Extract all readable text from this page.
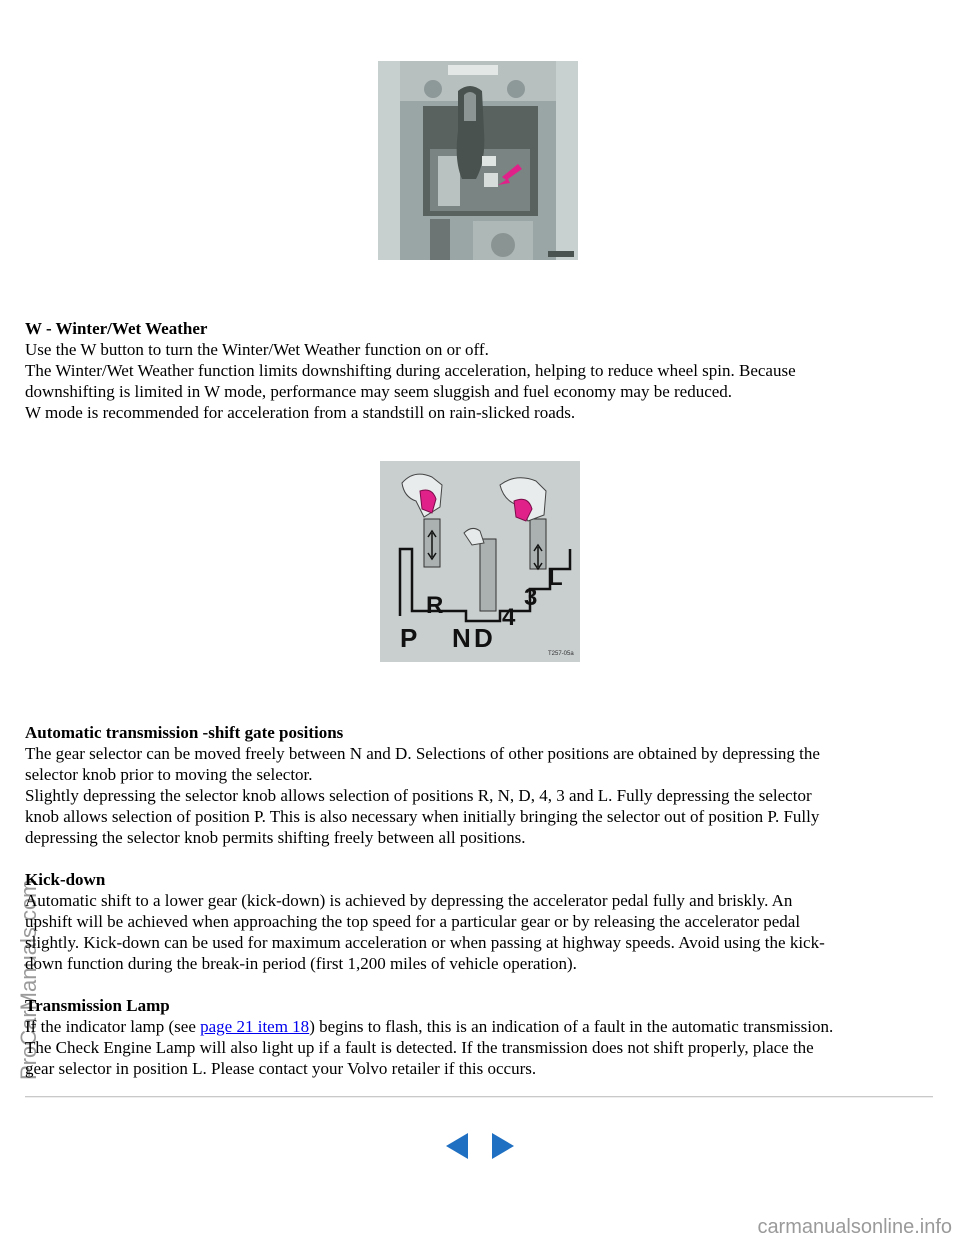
ProCarManuals.com

W - Winter/Wet Weather

Use the W button to turn the Winter/Wet Weather function on or off.

The Winter/Wet Weather function limits downshifting during acceleration, helping to reduce wheel spin. Because

downshifting is limited in W mode, performance may seem sluggish and fuel economy may be reduced.

W mode is recommended for acceleration from a standstill on rain-slicked roads.

P
R
N D
4
3
L
T257-05a

Automatic transmission -shift gate positions

The gear selector can be moved freely between N and D. Selections of other positions are obtained by depressing the

selector knob prior to moving the selector.

Slightly depressing the selector knob allows selection of positions R, N, D, 4, 3 and L. Fully depressing the selector

knob allows selection of position P. This is also necessary when initially bringing the selector out of position P. Fully

depressing the selector knob permits shifting freely between all positions.

Kick-down

Automatic shift to a lower gear (kick-down) is achieved by depressing the accelerator pedal fully and briskly. An

upshift will be achieved when approaching the top speed for a particular gear or by releasing the accelerator pedal

slightly. Kick-down can be used for maximum acceleration or when passing at highway speeds. Avoid using the kick-

down function during the break-in period (first 1,200 miles of vehicle operation).

Transmission Lamp

If the indicator lamp (see page 21 item 18) begins to flash, this is an indication of a fault in the automatic transmission.

The Check Engine Lamp will also light up if a fault is detected. If the transmission does not shift properly, place the

gear selector in position L. Please contact your Volvo retailer if this occurs.

carmanualsonline.info
